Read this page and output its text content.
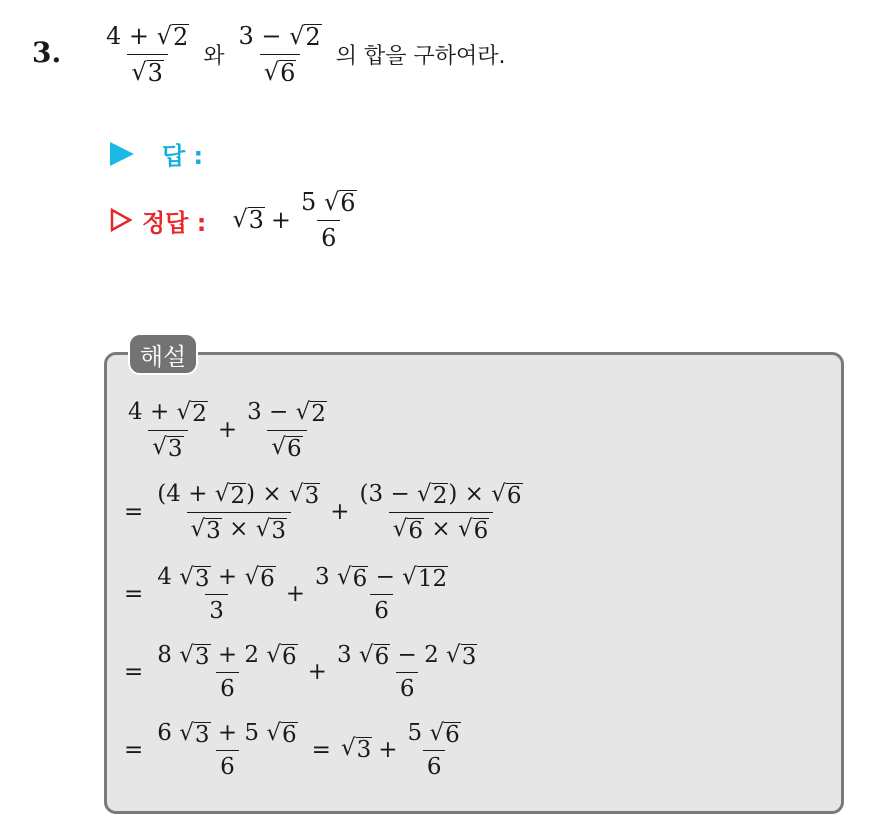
3. $\frac{4 + √ 2}{√ 3}$ 와 $\frac{3 - √ 2}{√ 6}$ 의 합을 구하여라.
답 :
정답 : √ $3 + \frac{5 √ 6}{6}$
해설
$\frac{4 + √ 2}{√ 3} + \frac{3 - √ 2}{√ 6}$
= $\frac{(4 + √ 2 ) \times √ 3}{√ 3 \times √ 3} + \frac{(3 - √ 2 ) \times √ 6}{√ 6 \times √ 6}$
= $\frac{4 √ 3 + √ 6}{3} + \frac{3 √ 6 - √ 12}{6}$
= $\frac{8 √ 3 + 2 √ 6}{6} + \frac{3 √ 6 - 2 √ 3}{6}$
= $\frac{6 √ 3 + 5 √ 6}{6}$ = √ $3 + \frac{5 √ 6}{6}$
